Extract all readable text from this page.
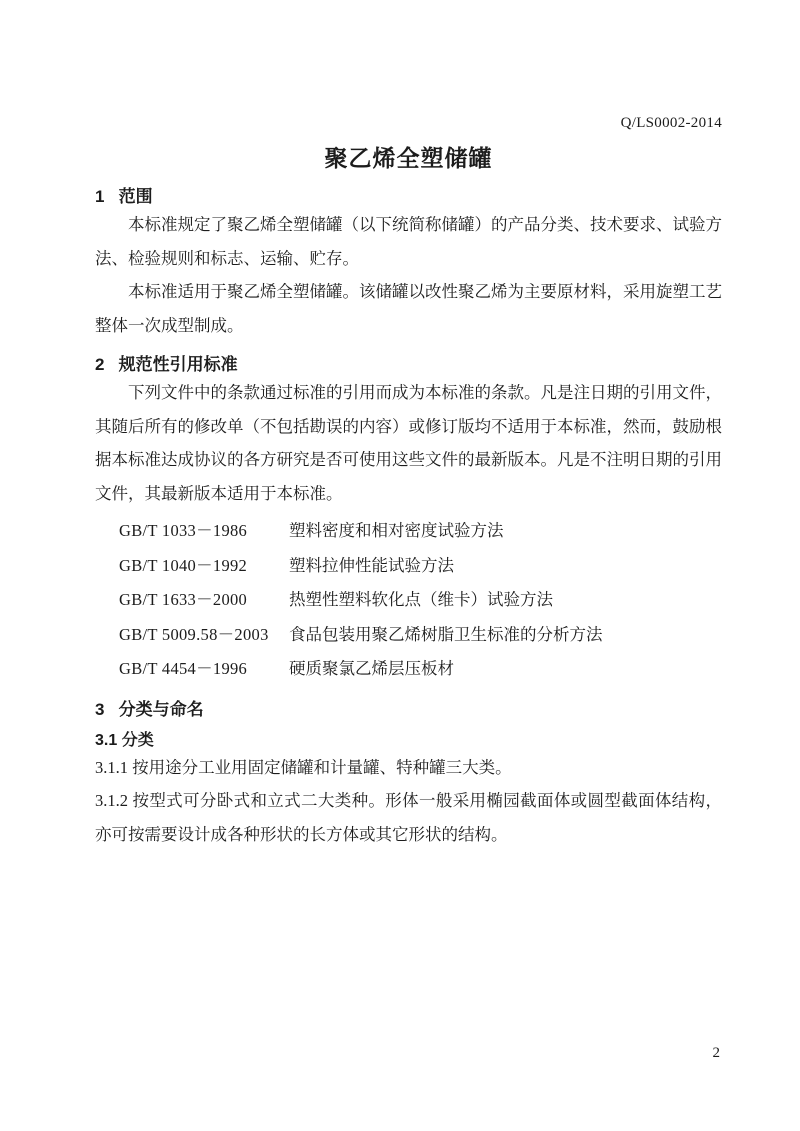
Q/LS0002-2014
聚乙烯全塑储罐
1   范围

本标准规定了聚乙烯全塑储罐（以下统简称储罐）的产品分类、技术要求、试验方法、检验规则和标志、运输、贮存。

本标准适用于聚乙烯全塑储罐。该储罐以改性聚乙烯为主要原材料，采用旋塑工艺整体一次成型制成。

2   规范性引用标准

下列文件中的条款通过标准的引用而成为本标准的条款。凡是注日期的引用文件，其随后所有的修改单（不包括勘误的内容）或修订版均不适用于本标准，然而，鼓励根据本标准达成协议的各方研究是否可使用这些文件的最新版本。凡是不注明日期的引用文件，其最新版本适用于本标准。

GB/T 1033－1986	塑料密度和相对密度试验方法
GB/T 1040－1992	塑料拉伸性能试验方法
GB/T 1633－2000	热塑性塑料软化点（维卡）试验方法
GB/T 5009.58－2003	食品包装用聚乙烯树脂卫生标准的分析方法
GB/T 4454－1996	硬质聚氯乙烯层压板材
3   分类与命名
3.1 分类

3.1.1 按用途分工业用固定储罐和计量罐、特种罐三大类。

3.1.2 按型式可分卧式和立式二大类种。形体一般采用椭园截面体或圆型截面体结构，亦可按需要设计成各种形状的长方体或其它形状的结构。

2
